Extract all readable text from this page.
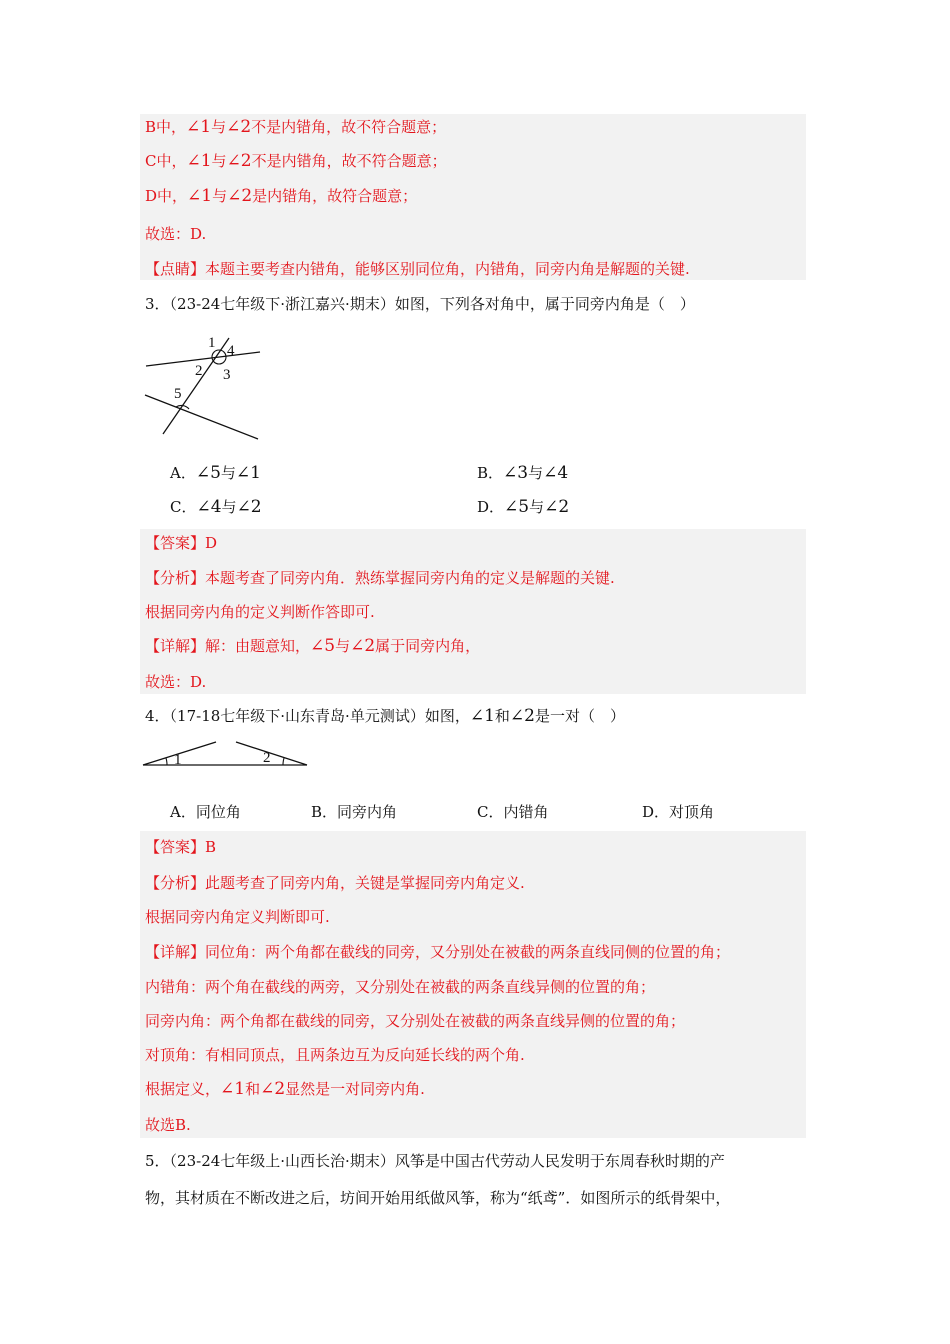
B中，∠1与∠2不是内错角，故不符合题意；
C中，∠1与∠2不是内错角，故不符合题意；
D中，∠1与∠2是内错角，故符合题意；
故选：D.
【点睛】本题主要考查内错角，能够区别同位角，内错角，同旁内角是解题的关键.
3．（23-24七年级下·浙江嘉兴·期末）如图，下列各对角中，属于同旁内角是（　）
1 4
2 3
5
A．∠5与∠1	B．∠3与∠4
C．∠4与∠2	D．∠5与∠2
【答案】D
【分析】本题考查了同旁内角．熟练掌握同旁内角的定义是解题的关键.
根据同旁内角的定义判断作答即可.
【详解】解：由题意知，∠5与∠2属于同旁内角，
故选：D.
4．（17-18七年级下·山东青岛·单元测试）如图，∠1和∠2是一对（　）
1	2
A．同位角	B．同旁内角	C．内错角	D．对顶角
【答案】B
【分析】此题考查了同旁内角，关键是掌握同旁内角定义.
根据同旁内角定义判断即可.
【详解】同位角：两个角都在截线的同旁，又分别处在被截的两条直线同侧的位置的角；
内错角：两个角在截线的两旁，又分别处在被截的两条直线异侧的位置的角；
同旁内角：两个角都在截线的同旁，又分别处在被截的两条直线异侧的位置的角；
对顶角：有相同顶点，且两条边互为反向延长线的两个角.
根据定义，∠1和∠2显然是一对同旁内角.
故选B.
5．（23-24七年级上·山西长治·期末）风筝是中国古代劳动人民发明于东周春秋时期的产
物，其材质在不断改进之后，坊间开始用纸做风筝，称为“纸鸢”．如图所示的纸骨架中，
